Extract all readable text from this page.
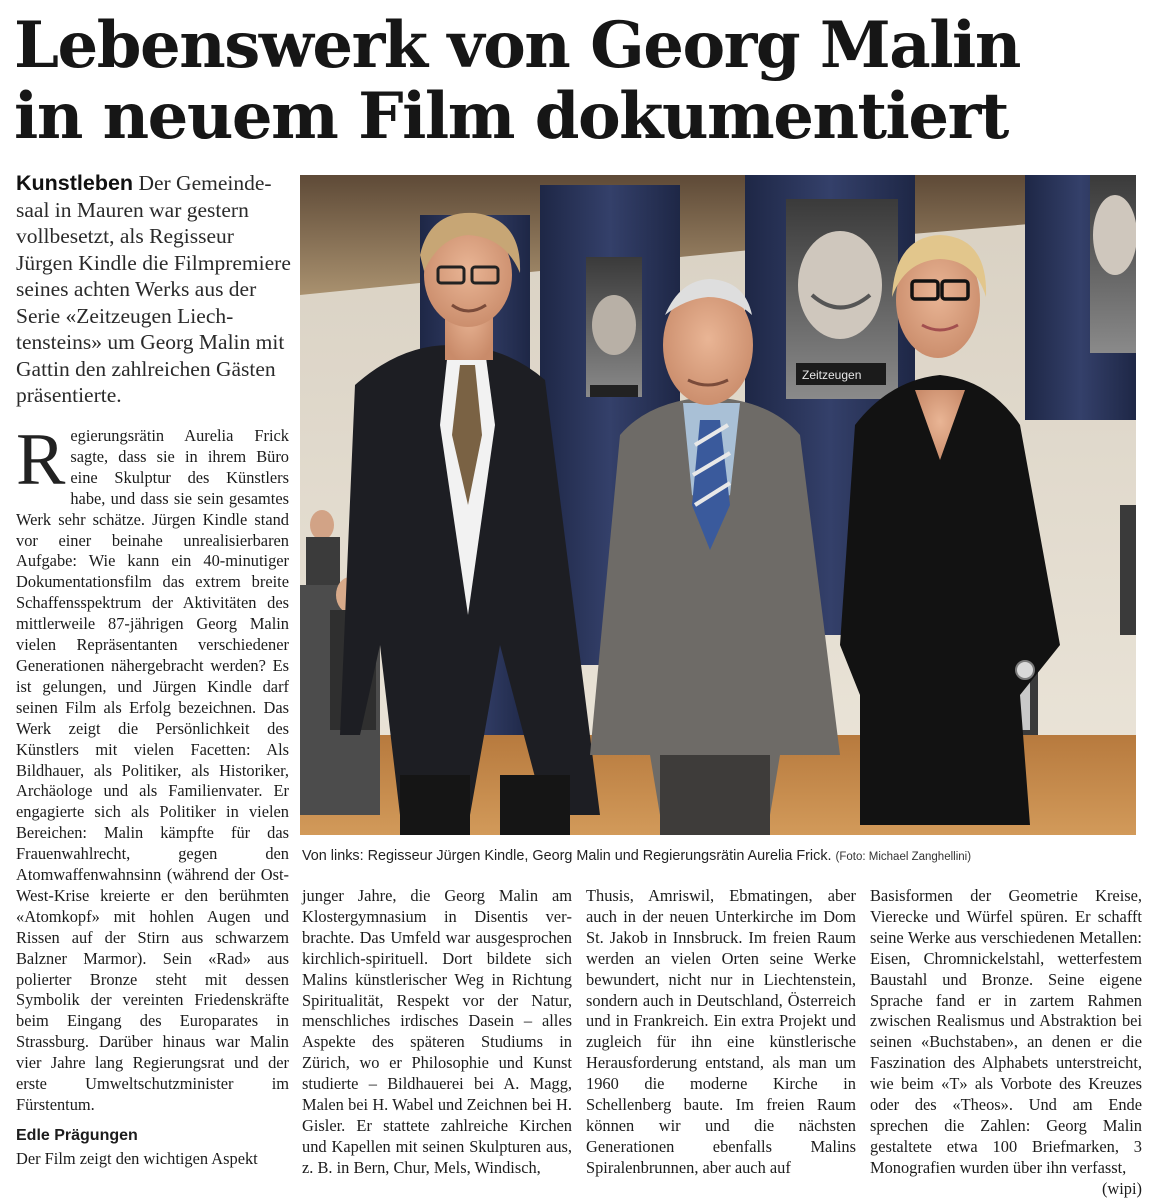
Lebenswerk von Georg Malin
in neuem Film dokumentiert
Kunstleben Der Gemeindesaal in Mauren war gestern vollbesetzt, als Regisseur Jürgen Kindle die Filmpremiere seines achten Werks aus der Serie «Zeitzeugen Liechtensteins» um Georg Malin mit Gattin den zahlreichen Gästen präsentierte.
Zeitzeugen
Von links: Regisseur Jürgen Kindle, Georg Malin und Regierungsrätin Aurelia Frick. (Foto: Michael Zanghellini)

Regierungsrätin Aurelia Frick sagte, dass sie in ihrem Büro eine Skulptur des Künstlers habe, und dass sie sein gesamtes Werk sehr schätze. Jürgen Kindle stand vor einer beinahe unrealisierbaren Aufgabe: Wie kann ein 40-minutiger Dokumentationsfilm das extrem breite Schaffensspektrum der Aktivitäten des mittlerweile 87-jährigen Georg Malin vielen Repräsentanten verschiedener Generationen nähergebracht werden? Es ist gelungen, und Jürgen Kindle darf seinen Film als Erfolg bezeichnen. Das Werk zeigt die Persönlichkeit des Künstlers mit vielen Facetten: Als Bildhauer, als Politiker, als Historiker, Archäologe und als Familienvater. Er engagierte sich als Politiker in vielen Bereichen: Malin kämpfte für das Frauenwahlrecht, gegen den Atomwaffenwahnsinn (während der Ost-West-Krise kreierte er den berühmten «Atomkopf» mit hohlen Augen und Rissen auf der Stirn aus schwarzem Balzner Marmor). Sein «Rad» aus polierter Bronze steht mit dessen Symbolik der vereinten Friedenskräfte beim Eingang des Europarates in Strassburg. Darüber hinaus war Malin vier Jahre lang Regierungsrat und der erste Umweltschutzminister im Fürstentum.

Edle Prägungen

Der Film zeigt den wichtigen Aspekt

junger Jahre, die Georg Malin am Klostergymnasium in Disentis verbrachte. Das Umfeld war ausgesprochen kirchlich-spirituell. Dort bildete sich Malins künstlerischer Weg in Richtung Spiritualität, Respekt vor der Natur, menschliches irdisches Dasein – alles Aspekte des späteren Studiums in Zürich, wo er Philosophie und Kunst studierte – Bildhauerei bei A. Magg, Malen bei H. Wabel und Zeichnen bei H. Gisler. Er stattete zahlreiche Kirchen und Kapellen mit seinen Skulpturen aus, z. B. in Bern, Chur, Mels, Windisch,

Thusis, Amriswil, Ebmatingen, aber auch in der neuen Unterkirche im Dom St. Jakob in Innsbruck. Im freien Raum werden an vielen Orten seine Werke bewundert, nicht nur in Liechtenstein, sondern auch in Deutschland, Österreich und in Frankreich. Ein extra Projekt und zugleich für ihn eine künstlerische Herausforderung entstand, als man um 1960 die moderne Kirche in Schellenberg baute. Im freien Raum können wir und die nächsten Generationen ebenfalls Malins Spiralenbrunnen, aber auch auf

Basisformen der Geometrie Kreise, Vierecke und Würfel spüren. Er schafft seine Werke aus verschiedenen Metallen: Eisen, Chromnickelstahl, wetterfestem Baustahl und Bronze. Seine eigene Sprache fand er in zartem Rahmen zwischen Realismus und Abstraktion bei seinen «Buchstaben», an denen er die Faszination des Alphabets unterstreicht, wie beim «T» als Vorbote des Kreuzes oder des «Theos». Und am Ende sprechen die Zahlen: Georg Malin gestaltete etwa 100 Briefmarken, 3 Monografien wurden über ihn verfasst,

(wipi)
